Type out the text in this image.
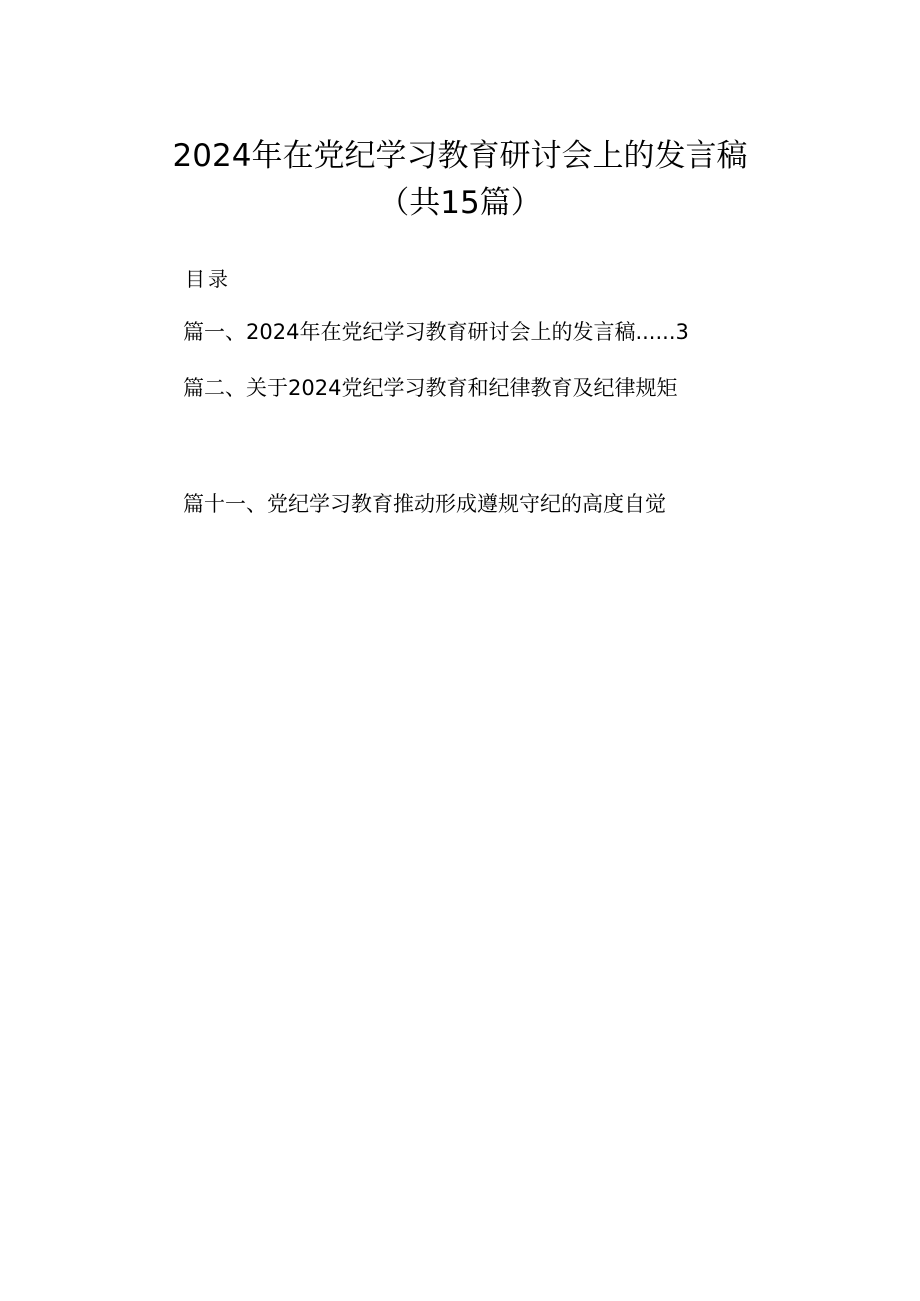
2024年在党纪学习教育研讨会上的发言稿
（共15篇）
目录
篇一、2024年在党纪学习教育研讨会上的发言稿......3
篇二、关于2024党纪学习教育和纪律教育及纪律规矩
篇十一、党纪学习教育推动形成遵规守纪的高度自觉
